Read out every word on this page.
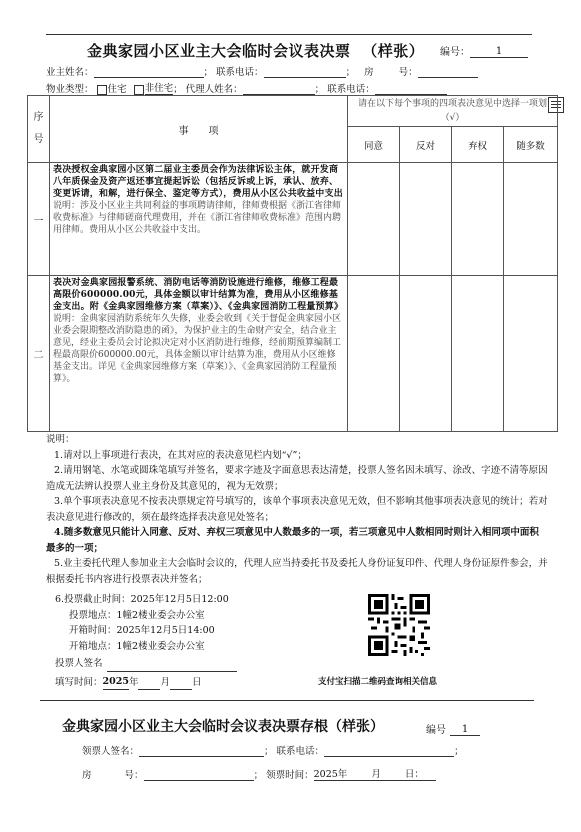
金典家园小区业主大会临时会议表决票 （样张） 编号：	1
业主姓名：	； 联系电话：	； 房	号：
物业类型： 住宅 非住宅； 代理人姓名：	； 联系电话：
序号	事　　项	请在以下每个事项的四项表决意见中选择一项划（√）			
		同意	反对	弃权	随多数
一	表决授权金典家园小区第二届业主委员会作为法律诉讼主体，就开发商八年质保金及资产返还事宜提起诉讼（包括反诉或上诉，承认、放弃、变更诉请，和解，进行保全、鉴定等方式），费用从小区公共收益中支出
说明：涉及小区业主共同利益的事项聘请律师，律师费根据《浙江省律师收费标准》与律师磋商代理费用，并在《浙江省律师收费标准》范围内聘用律师。费用从小区公共收益中支出。				

二	表决对金典家园报警系统、消防电话等消防设施进行维修，维修工程最高限价600000.00元，具体金额以审计结算为准，费用从小区维修基金支出。附《金典家园维修方案（草案）》、《金典家园消防工程量预算》
说明：金典家园消防系统年久失修，业委会收到《关于督促金典家园小区业委会限期整改消防隐患的函》，为保护业主的生命财产安全，结合业主意见，经业主委员会讨论拟决定对小区消防进行维修，经前期预算编制工程最高限价600000.00元，具体金额以审计结算为准，费用从小区维修基金支出。详见《金典家园维修方案（草案）》、《金典家园消防工程量预算》。				

说明：

1.请对以上事项进行表决，在其对应的表决意见栏内划“√”；

2.请用钢笔、水笔或圆珠笔填写并签名，要求字迹及字面意思表达清楚，投票人签名因未填写、涂改、字迹不清等原因造成无法辨认投票人业主身份及其意见的，视为无效票；

3.单个事项表决意见不按表决票规定符号填写的，该单个事项表决意见无效，但不影响其他事项表决意见的统计；若对表决意见进行修改的，须在最终选择表决意见处签名；

4.随多数意见只能计入同意、反对、弃权三项意见中人数最多的一项，若三项意见中人数相同时则计入相同项中面积最多的一项；

5.业主委托代理人参加业主大会临时会议的，代理人应当持委托书及委托人身份证复印件、代理人身份证原件参会，并根据委托书内容进行投票表决并签名；

6.投票截止时间：2025年12月5日12:00
投票地点：1幢2楼业委会办公室
开箱时间：2025年12月5日14:00
开箱地点：1幢2楼业委会办公室
投票人签名
填写时间：2025年 月 日	支付宝扫描二维码查询相关信息
金典家园小区业主大会临时会议表决票存根（样张）	编号 1
领票人签名：	； 联系电话：	；
房	号：	； 领票时间：2025年	月	日：
